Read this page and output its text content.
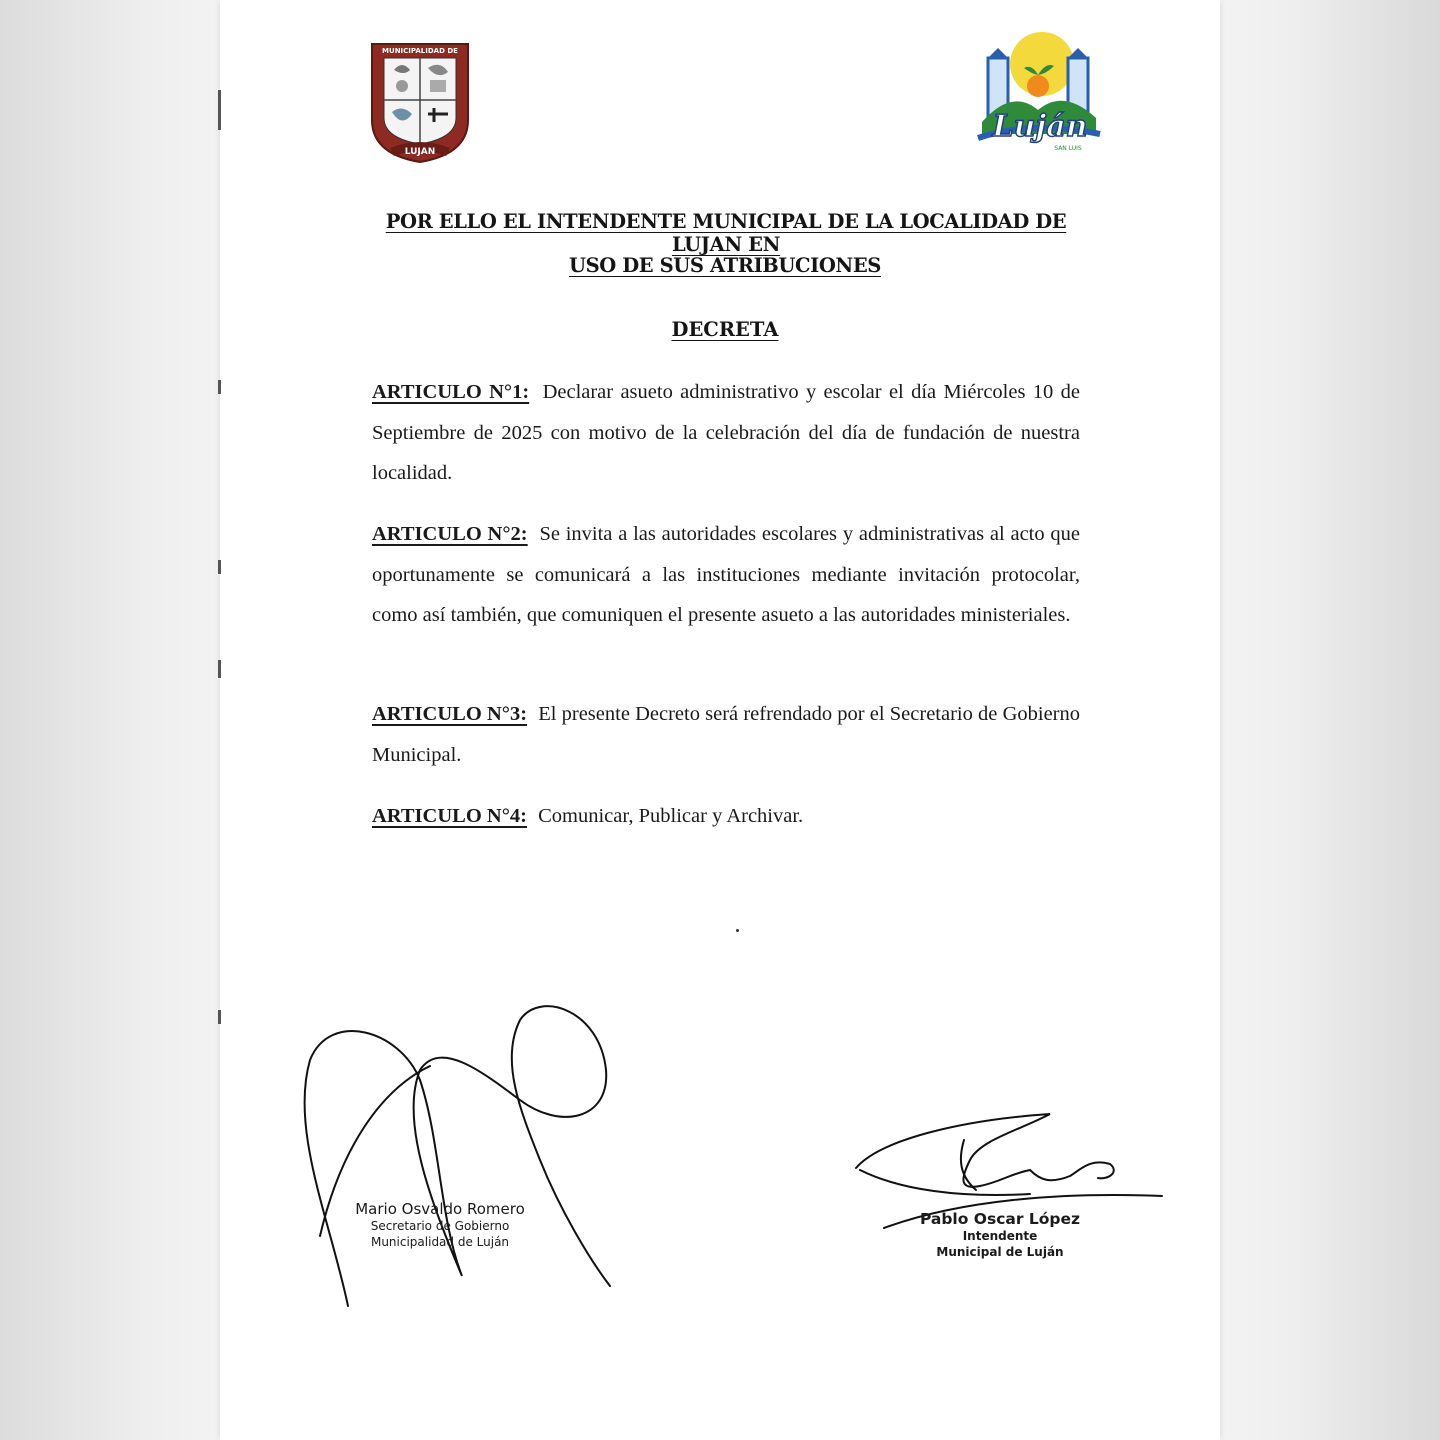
MUNICIPALIDAD DE
LUJAN
Luján
SAN LUIS
POR ELLO EL INTENDENTE MUNICIPAL DE LA LOCALIDAD DE LUJAN EN
USO DE SUS ATRIBUCIONES
DECRETA
ARTICULO N°1: Declarar asueto administrativo y escolar el día Miércoles 10 de Septiembre de 2025 con motivo de la celebración del día de fundación de nuestra localidad.
ARTICULO N°2: Se invita a las autoridades escolares y administrativas al acto que oportunamente se comunicará a las instituciones mediante invitación protocolar, como así también, que comuniquen el presente asueto a las autoridades ministeriales.
ARTICULO N°3: El presente Decreto será refrendado por el Secretario de Gobierno Municipal.
ARTICULO N°4: Comunicar, Publicar y Archivar.
Mario Osvaldo Romero
Secretario de Gobierno
Municipalidad de Luján
Pablo Oscar López
Intendente
Municipal de Luján
